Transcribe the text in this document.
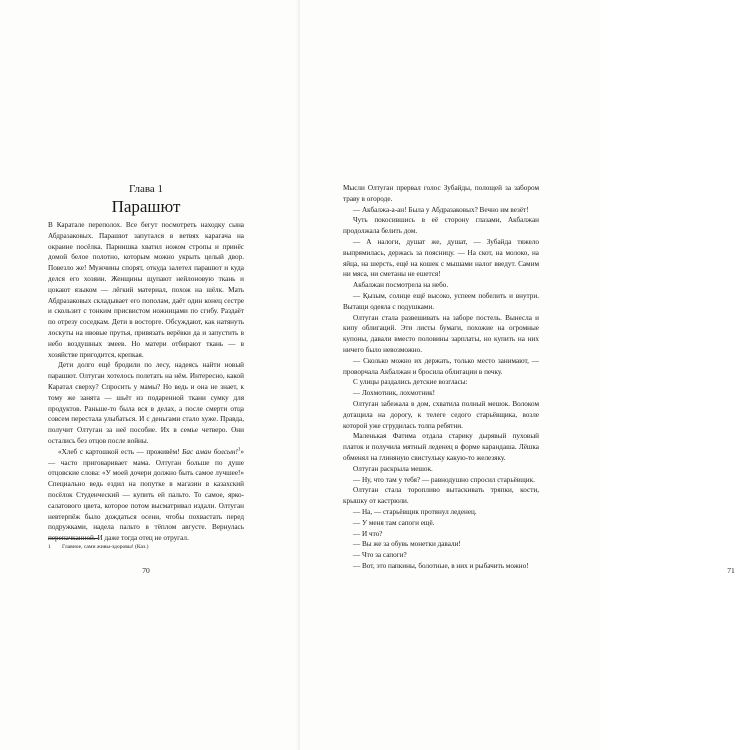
Глава 1
Парашют

В Каратале переполох. Все бегут посмотреть находку сына Абдразаковых. Парашют запутался в ветвях карагача на окраине посёлка. Парнишка хватил ножом стропы и принёс домой белое полотно, которым можно укрыть целый двор. Повезло же! Мужчины спорят, откуда залетел парашют и куда делся его хозяин. Женщины щупают нейлоновую ткань и цокают языком — лёгкий материал, похож на шёлк. Мать Абдразаковых складывает его пополам, даёт один конец сестре и скользит с тонким присвистом ножницами по сгибу. Раздаёт по отрезу соседкам. Дети в восторге. Обсуждают, как натянуть лоскуты на ивовые прутья, привязать верёвки да и запустить в небо воздушных змеев. Но матери отбирают ткань — в хозяйстве пригодится, крепкая.

Дети долго ещё бродили по лесу, надеясь найти новый парашют. Олтуган хотелось полетать на нём. Интересно, какой Каратал сверху? Спросить у мамы? Но ведь и она не знает, к тому же занята — шьёт из подаренной ткани сумку для продуктов. Раньше-то была вся в делах, а после смерти отца совсем перестала улыбаться. И с деньгами стало хуже. Правда, получит Олтуган за неё пособие. Их в семье четверо. Они остались без отцов после войны.

«Хлеб с картошкой есть — проживём! Бас аман болсын!$^1$» — часто приговаривает мама. Олтуган больше по душе отцовские слова: «У моей дочери должно быть самое лучшее!» Специально ведь ездил на попутке в магазин в казахский посёлок Студенческий — купить ей пальто. То самое, ярко-салатового цвета, которое потом высматривал издали. Олтуган невтерпёж было дождаться осени, чтобы похвастать перед подружками, надела пальто в тёплом августе. Вернулась перепачканной. И даже тогда отец не отругал.

1 Главное, сами живы-здоровы! (Каз.)
70	71

Мысли Олтуган прервал голос Зубайды, полощей за забором траву в огороде.

— Акбалжа-а-ан! Была у Абдразаковых? Вечно им везёт!

Чуть покосившись в её сторону глазами, Акбалжан продолжала белить дом.

— А налоги, душат же, душат, — Зубайда тяжело выпрямилась, держась за поясницу. — На скот, на молоко, на яйца, на шерсть, ещё на кошек с мышами налог введут. Самим ни мяса, ни сметаны не ешется!

Акбалжан посмотрела на небо.

— Қызым, солнце ещё высоко, успеем побелить и внутри. Вытащи одеяла с подушками.

Олтуган стала развешивать на заборе постель. Вынесла и кипу облигаций. Эти листы бумаги, похожие на огромные купоны, давали вместо половины зарплаты, но купить на них ничего было невозможно.

— Сколько можно их держать, только место занимают, — проворчала Акбалжан и бросила облигации в печку.

С улицы раздались детские возгласы:

— Лохмотник, лохмотник!

Олтуган забежала в дом, схватила полный мешок. Волоком дотащила на дорогу, к телеге седого старьёвщика, возле которой уже сгрудилась толпа ребятни.

Маленькая Фатима отдала старику дырявый пуховый платок и получила мятный леденец в форме карандаша. Лёшка обменял на глиняную свистульку какую-то железяку.

Олтуган раскрыла мешок.

— Ну, что там у тебя? — равнодушно спросил старьёвщик.

Олтуган стала торопливо вытаскивать тряпки, кости, крышку от кастрюли.

— На, — старьёвщик протянул леденец.

— У меня там сапоги ещё.

— И что?

— Вы же за обувь монетки давали!

— Что за сапоги?

— Вот, это папкины, болотные, в них и рыбачить можно!
